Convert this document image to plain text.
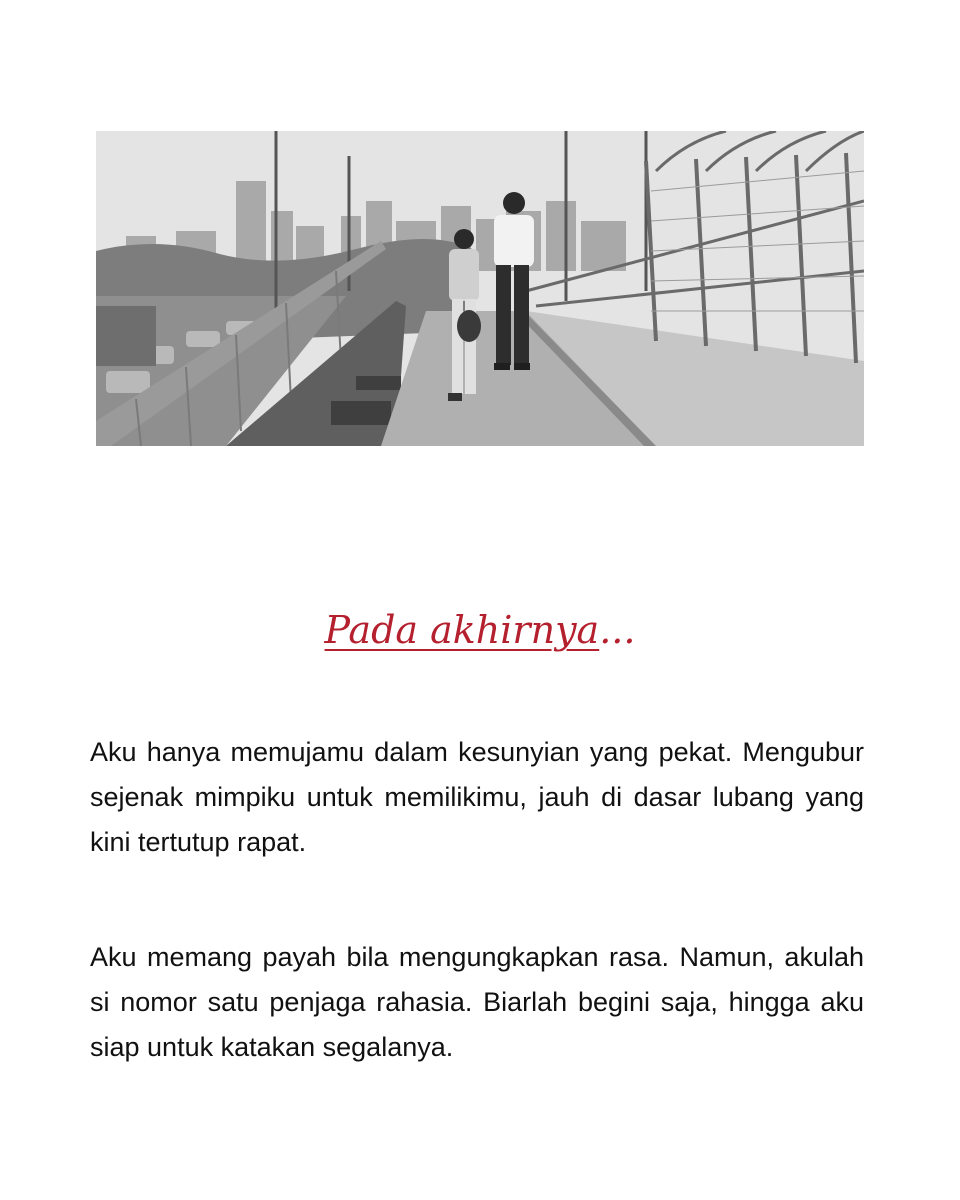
Pada akhirnya...

Aku hanya memujamu dalam kesunyian yang pekat. Mengubur sejenak mimpiku untuk memilikimu, jauh di dasar lubang yang kini tertutup rapat.

Aku memang payah bila mengungkapkan rasa. Namun, akulah si nomor satu penjaga rahasia. Biarlah begini saja, hingga aku siap untuk katakan segalanya.
